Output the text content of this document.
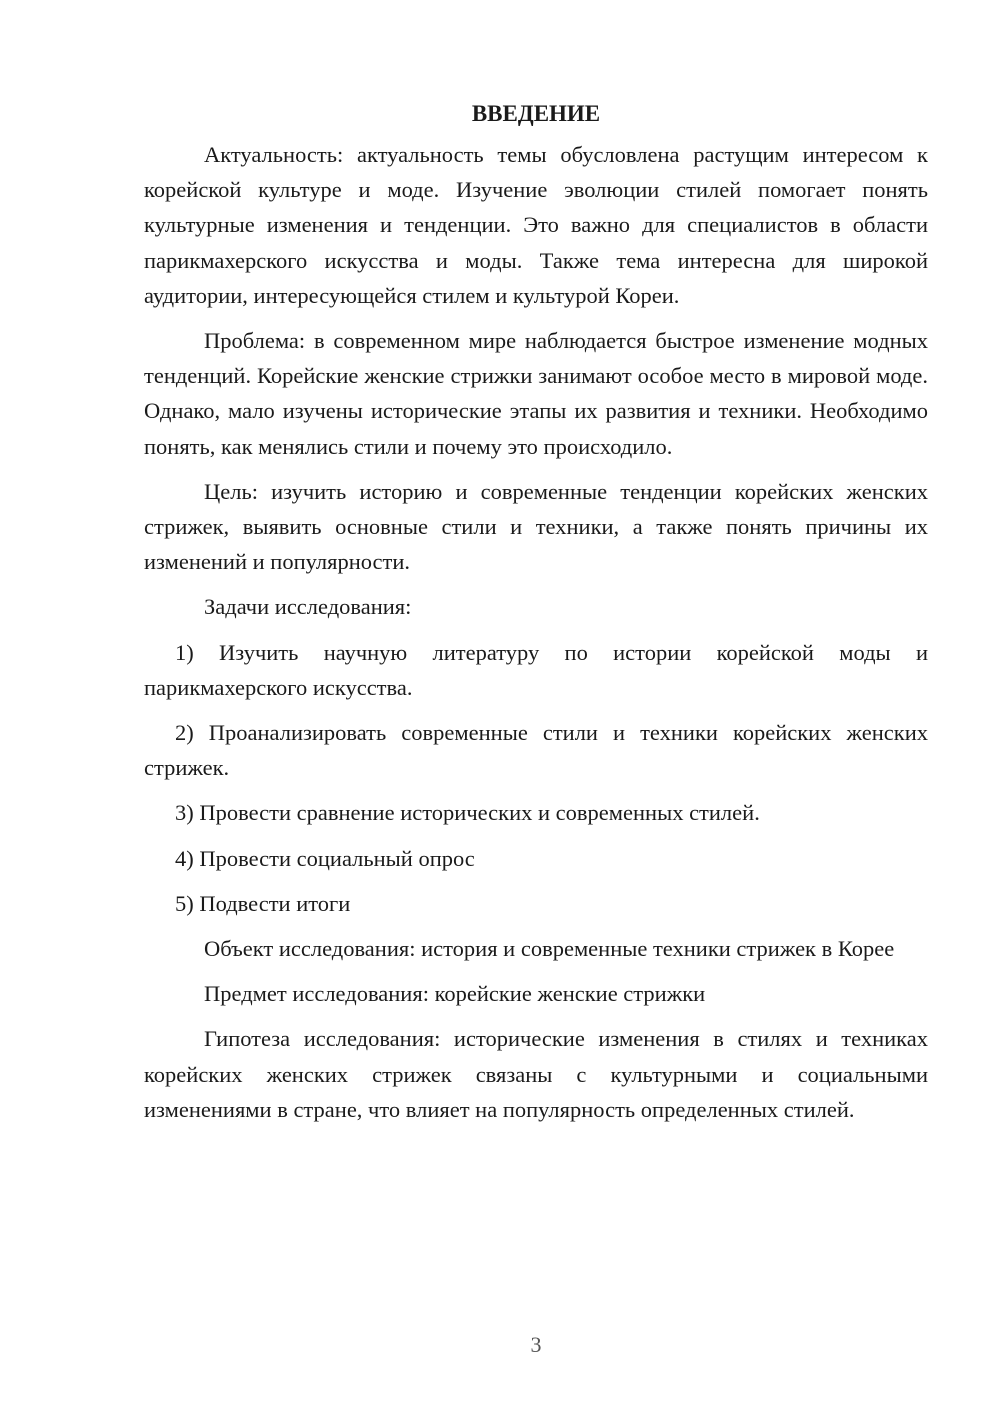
ВВЕДЕНИЕ

Актуальность: актуальность темы обусловлена растущим интересом к корейской культуре и моде. Изучение эволюции стилей помогает понять культурные изменения и тенденции. Это важно для специалистов в области парикмахерского искусства и моды. Также тема интересна для широкой аудитории, интересующейся стилем и культурой Кореи.

Проблема: в современном мире наблюдается быстрое изменение модных тенденций. Корейские женские стрижки занимают особое место в мировой моде. Однако, мало изучены исторические этапы их развития и техники. Необходимо понять, как менялись стили и почему это происходило.

Цель: изучить историю и современные тенденции корейских женских стрижек, выявить основные стили и техники, а также понять причины их изменений и популярности.

Задачи исследования:

1) Изучить научную литературу по истории корейской моды и парикмахерского искусства.

2) Проанализировать современные стили и техники корейских женских стрижек.

3) Провести сравнение исторических и современных стилей.

4) Провести социальный опрос

5) Подвести итоги

Объект исследования: история и современные техники стрижек в Корее

Предмет исследования: корейские женские стрижки

Гипотеза исследования: исторические изменения в стилях и техниках корейских женских стрижек связаны с культурными и социальными изменениями в стране, что влияет на популярность определенных стилей.

3
